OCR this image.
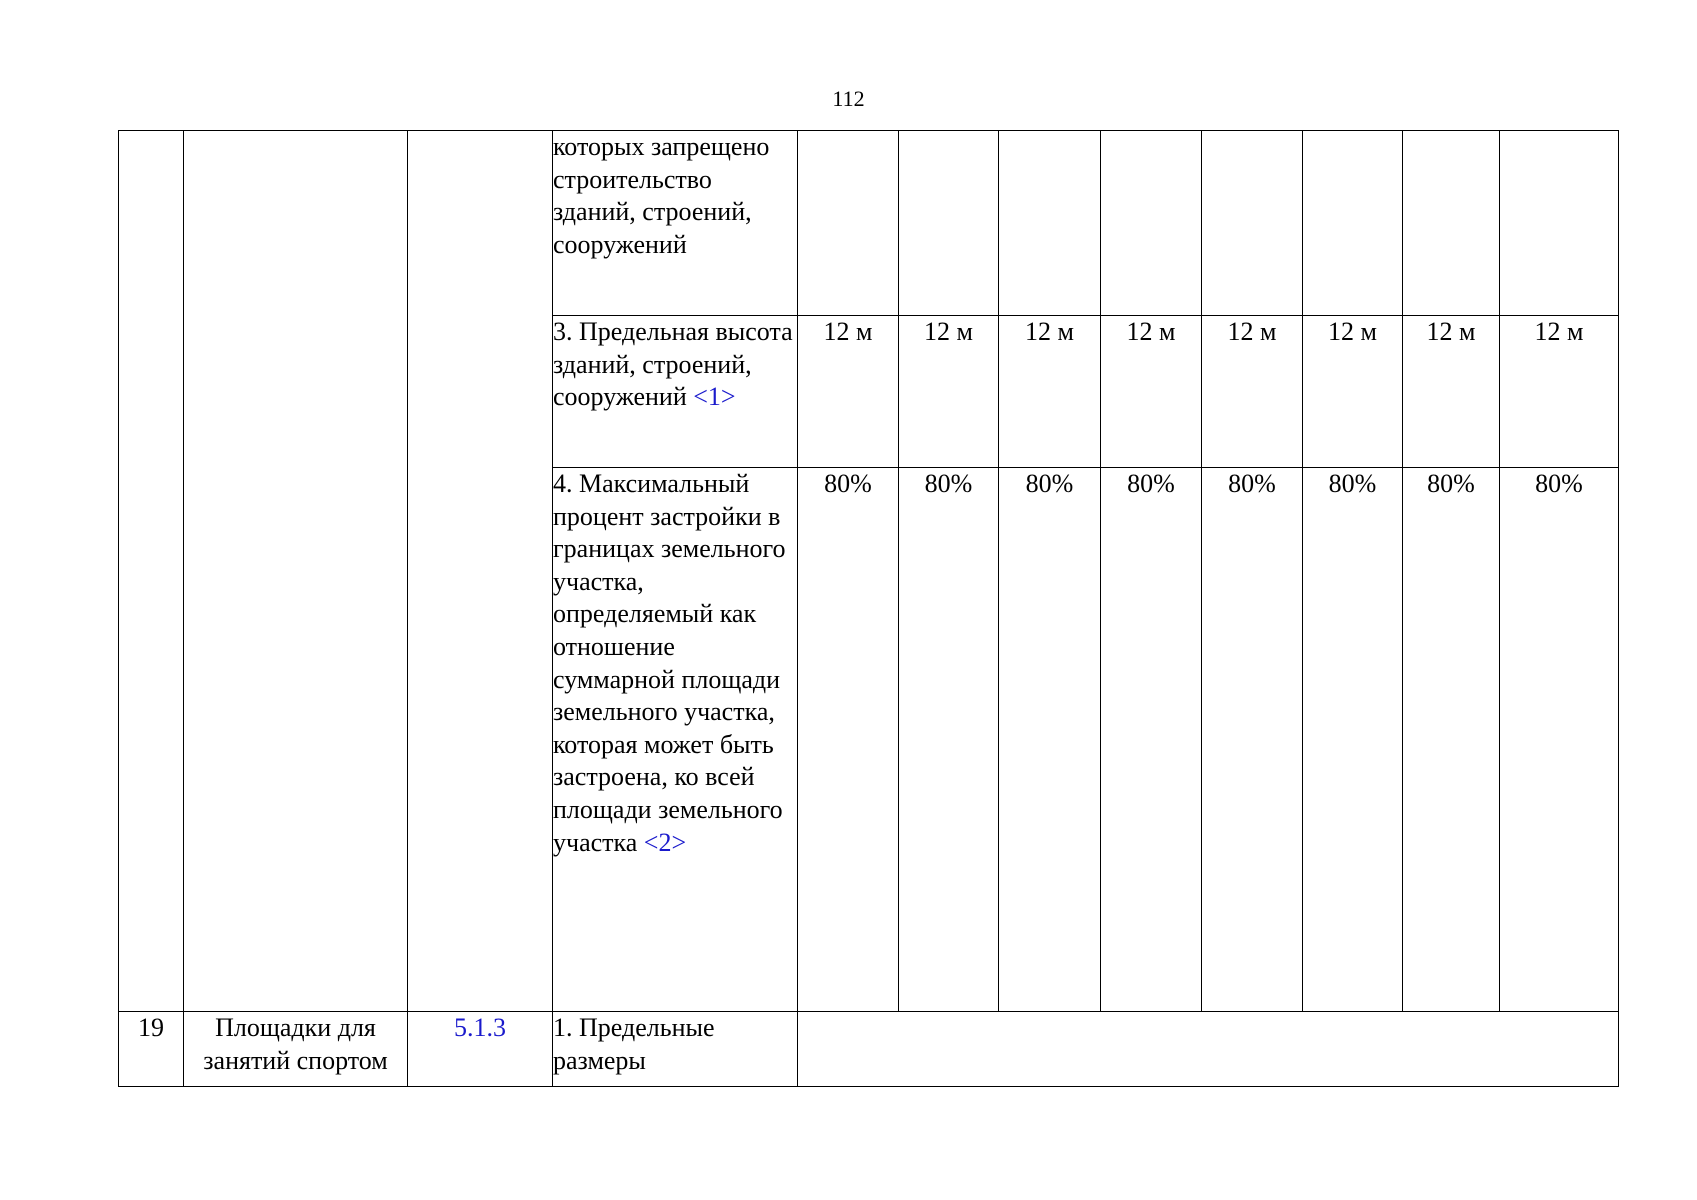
112
			которых запрещено строительство зданий, строений, сооружений								
			3. Предельная высота зданий, строений, сооружений <1>	12 м	12 м	12 м	12 м	12 м	12 м	12 м	12 м
			4. Максимальный процент застройки в границах земельного участка, определяемый как отношение суммарной площади земельного участка, которая может быть застроена, ко всей площади земельного участка <2>	80%	80%	80%	80%	80%	80%	80%	80%
19	Площадки для занятий спортом	5.1.3	1. Предельные размеры								
